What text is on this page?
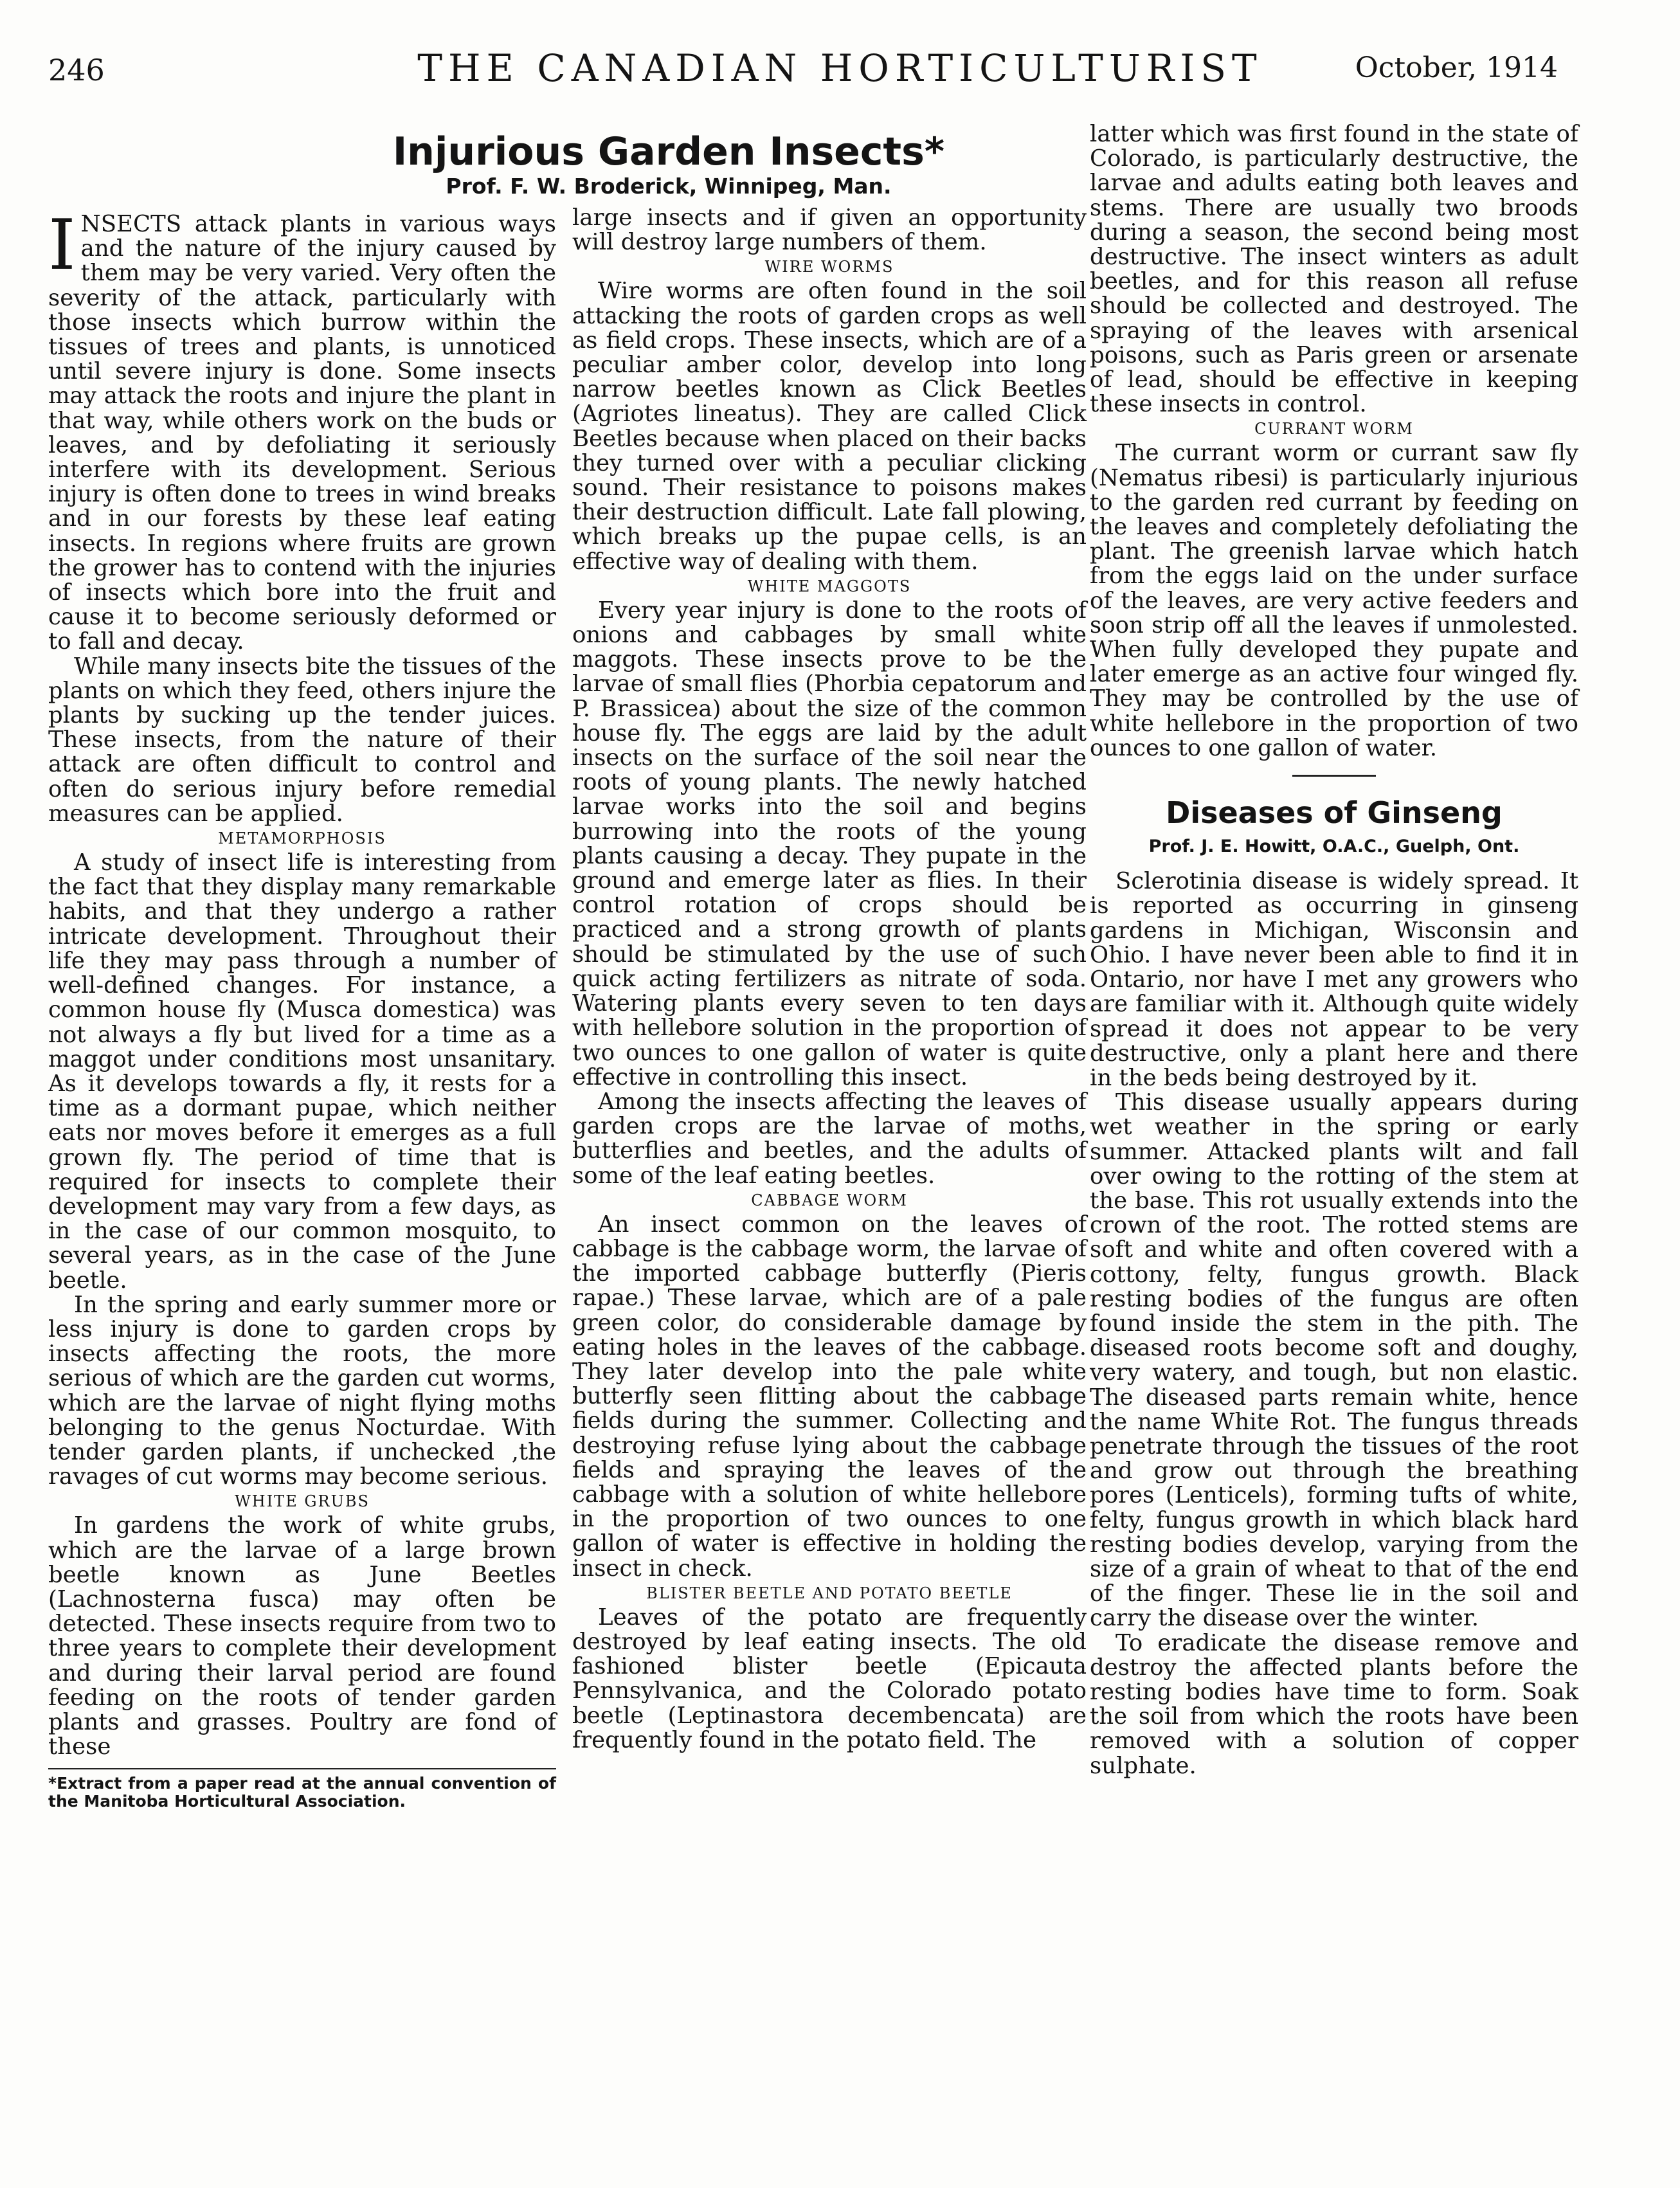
246	THE CANADIAN HORTICULTURIST	October, 1914
Injurious Garden Insects*
Prof. F. W. Broderick, Winnipeg, Man.

INSECTS attack plants in various ways and the nature of the injury caused by them may be very varied. Very often the severity of the attack, particularly with those insects which burrow within the tissues of trees and plants, is unnoticed until severe injury is done. Some insects may attack the roots and injure the plant in that way, while others work on the buds or leaves, and by defoliating it seriously interfere with its development. Serious injury is often done to trees in wind breaks and in our forests by these leaf eating insects. In regions where fruits are grown the grower has to contend with the injuries of insects which bore into the fruit and cause it to become seriously deformed or to fall and decay.

While many insects bite the tissues of the plants on which they feed, others injure the plants by sucking up the tender juices. These insects, from the nature of their attack are often difficult to control and often do serious injury before remedial measures can be applied.

METAMORPHOSIS

A study of insect life is interesting from the fact that they display many remarkable habits, and that they undergo a rather intricate development. Throughout their life they may pass through a number of well-defined changes. For instance, a common house fly (Musca domestica) was not always a fly but lived for a time as a maggot under conditions most unsanitary. As it develops towards a fly, it rests for a time as a dormant pupae, which neither eats nor moves before it emerges as a full grown fly. The period of time that is required for insects to complete their development may vary from a few days, as in the case of our common mosquito, to several years, as in the case of the June beetle.

In the spring and early summer more or less injury is done to garden crops by insects affecting the roots, the more serious of which are the garden cut worms, which are the larvae of night flying moths belonging to the genus Nocturdae. With tender garden plants, if unchecked ,the ravages of cut worms may become serious.

WHITE GRUBS

In gardens the work of white grubs, which are the larvae of a large brown beetle known as June Beetles (Lachnosterna fusca) may often be detected. These insects require from two to three years to complete their development and during their larval period are found feeding on the roots of tender garden plants and grasses. Poultry are fond of these

*Extract from a paper read at the annual convention of the Manitoba Horticultural Association.

large insects and if given an opportunity will destroy large numbers of them.

WIRE WORMS

Wire worms are often found in the soil attacking the roots of garden crops as well as field crops. These insects, which are of a peculiar amber color, develop into long narrow beetles known as Click Beetles (Agriotes lineatus). They are called Click Beetles because when placed on their backs they turned over with a peculiar clicking sound. Their resistance to poisons makes their destruction difficult. Late fall plowing, which breaks up the pupae cells, is an effective way of dealing with them.

WHITE MAGGOTS

Every year injury is done to the roots of onions and cabbages by small white maggots. These insects prove to be the larvae of small flies (Phorbia cepatorum and P. Brassicea) about the size of the common house fly. The eggs are laid by the adult insects on the surface of the soil near the roots of young plants. The newly hatched larvae works into the soil and begins burrowing into the roots of the young plants causing a decay. They pupate in the ground and emerge later as flies. In their control rotation of crops should be practiced and a strong growth of plants should be stimulated by the use of such quick acting fertilizers as nitrate of soda. Watering plants every seven to ten days with hellebore solution in the proportion of two ounces to one gallon of water is quite effective in controlling this insect.

Among the insects affecting the leaves of garden crops are the larvae of moths, butterflies and beetles, and the adults of some of the leaf eating beetles.

CABBAGE WORM

An insect common on the leaves of cabbage is the cabbage worm, the larvae of the imported cabbage butterfly (Pieris rapae.) These larvae, which are of a pale green color, do considerable damage by eating holes in the leaves of the cabbage. They later develop into the pale white butterfly seen flitting about the cabbage fields during the summer. Collecting and destroying refuse lying about the cabbage fields and spraying the leaves of the cabbage with a solution of white hellebore in the proportion of two ounces to one gallon of water is effective in holding the insect in check.

BLISTER BEETLE AND POTATO BEETLE

Leaves of the potato are frequently destroyed by leaf eating insects. The old fashioned blister beetle (Epicauta Pennsylvanica, and the Colorado potato beetle (Leptinastora decembencata) are frequently found in the potato field. The

latter which was first found in the state of Colorado, is particularly destructive, the larvae and adults eating both leaves and stems. There are usually two broods during a season, the second being most destructive. The insect winters as adult beetles, and for this reason all refuse should be collected and destroyed. The spraying of the leaves with arsenical poisons, such as Paris green or arsenate of lead, should be effective in keeping these insects in control.

CURRANT WORM

The currant worm or currant saw fly (Nematus ribesi) is particularly injurious to the garden red currant by feeding on the leaves and completely defoliating the plant. The greenish larvae which hatch from the eggs laid on the under surface of the leaves, are very active feeders and soon strip off all the leaves if unmolested. When fully developed they pupate and later emerge as an active four winged fly. They may be controlled by the use of white hellebore in the proportion of two ounces to one gallon of water.

Diseases of Ginseng
Prof. J. E. Howitt, O.A.C., Guelph, Ont.

Sclerotinia disease is widely spread. It is reported as occurring in ginseng gardens in Michigan, Wisconsin and Ohio. I have never been able to find it in Ontario, nor have I met any growers who are familiar with it. Although quite widely spread it does not appear to be very destructive, only a plant here and there in the beds being destroyed by it.

This disease usually appears during wet weather in the spring or early summer. Attacked plants wilt and fall over owing to the rotting of the stem at the base. This rot usually extends into the crown of the root. The rotted stems are soft and white and often covered with a cottony, felty, fungus growth. Black resting bodies of the fungus are often found inside the stem in the pith. The diseased roots become soft and doughy, very watery, and tough, but non elastic. The diseased parts remain white, hence the name White Rot. The fungus threads penetrate through the tissues of the root and grow out through the breathing pores (Lenticels), forming tufts of white, felty, fungus growth in which black hard resting bodies develop, varying from the size of a grain of wheat to that of the end of the finger. These lie in the soil and carry the disease over the winter.

To eradicate the disease remove and destroy the affected plants before the resting bodies have time to form. Soak the soil from which the roots have been removed with a solution of copper sulphate.
